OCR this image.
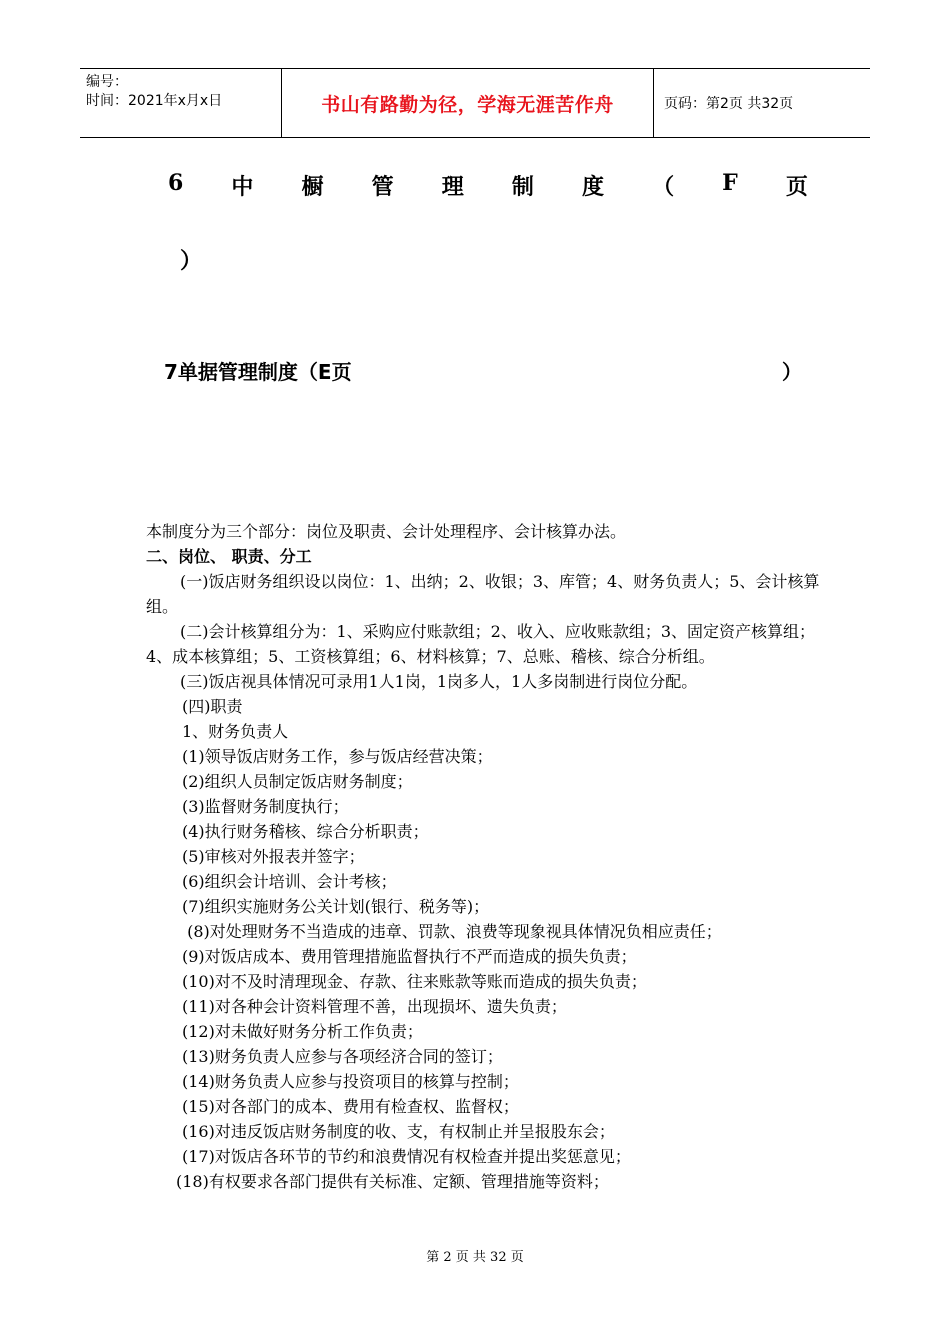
编号：
时间：2021年x月x日	书山有路勤为径，学海无涯苦作舟	页码：第2页 共32页
6 中 橱 管 理 制 度 （ F 页
）
7单据管理制度（E页	）

本制度分为三个部分：岗位及职责、会计处理程序、会计核算办法。

二、岗位、 职责、分工

(一)饭店财务组织设以岗位：1、出纳；2、收银；3、库管；4、财务负责人；5、会计核算组。

(二)会计核算组分为：1、采购应付账款组；2、收入、应收账款组；3、固定资产核算组；4、成本核算组；5、工资核算组；6、材料核算；7、总账、稽核、综合分析组。

(三)饭店视具体情况可录用1人1岗，1岗多人，1人多岗制进行岗位分配。

(四)职责

1、财务负责人

(1)领导饭店财务工作，参与饭店经营决策；

(2)组织人员制定饭店财务制度；

(3)监督财务制度执行；

(4)执行财务稽核、综合分析职责；

(5)审核对外报表并签字；

(6)组织会计培训、会计考核；

(7)组织实施财务公关计划(银行、税务等)；

(8)对处理财务不当造成的违章、罚款、浪费等现象视具体情况负相应责任；

(9)对饭店成本、费用管理措施监督执行不严而造成的损失负责；

(10)对不及时清理现金、存款、往来账款等账而造成的损失负责；

(11)对各种会计资料管理不善，出现损坏、遗失负责；

(12)对未做好财务分析工作负责；

(13)财务负责人应参与各项经济合同的签订；

(14)财务负责人应参与投资项目的核算与控制；

(15)对各部门的成本、费用有检查权、监督权；

(16)对违反饭店财务制度的收、支，有权制止并呈报股东会；

(17)对饭店各环节的节约和浪费情况有权检查并提出奖惩意见；

(18)有权要求各部门提供有关标准、定额、管理措施等资料；

第 2 页 共 32 页
